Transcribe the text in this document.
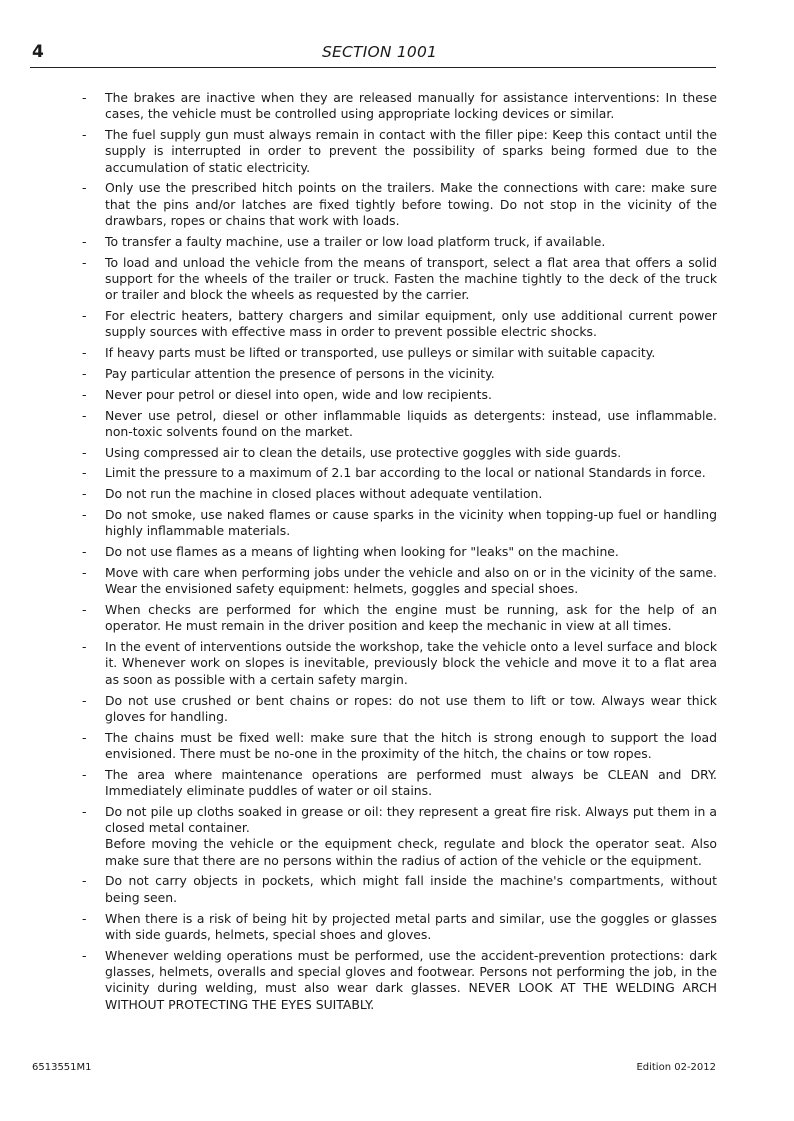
4	SECTION 1001
- The brakes are inactive when they are released manually for assistance interventions: In these cases, the vehicle must be controlled using appropriate locking devices or similar.
- The fuel supply gun must always remain in contact with the filler pipe: Keep this contact until the supply is interrupted in order to prevent the possibility of sparks being formed due to the accumulation of static electricity.
- Only use the prescribed hitch points on the trailers. Make the connections with care: make sure that the pins and/or latches are fixed tightly before towing. Do not stop in the vicinity of the drawbars, ropes or chains that work with loads.
- To transfer a faulty machine, use a trailer or low load platform truck, if available.
- To load and unload the vehicle from the means of transport, select a flat area that offers a solid support for the wheels of the trailer or truck. Fasten the machine tightly to the deck of the truck or trailer and block the wheels as requested by the carrier.
- For electric heaters, battery chargers and similar equipment, only use additional current power supply sources with effective mass in order to prevent possible electric shocks.
- If heavy parts must be lifted or transported, use pulleys or similar with suitable capacity.
- Pay particular attention the presence of persons in the vicinity.
- Never pour petrol or diesel into open, wide and low recipients.
- Never use petrol, diesel or other inflammable liquids as detergents: instead, use inflammable. non-toxic solvents found on the market.
- Using compressed air to clean the details, use protective goggles with side guards.
- Limit the pressure to a maximum of 2.1 bar according to the local or national Standards in force.
- Do not run the machine in closed places without adequate ventilation.
- Do not smoke, use naked flames or cause sparks in the vicinity when topping-up fuel or handling highly inflammable materials.
- Do not use flames as a means of lighting when looking for "leaks" on the machine.
- Move with care when performing jobs under the vehicle and also on or in the vicinity of the same. Wear the envisioned safety equipment: helmets, goggles and special shoes.
- When checks are performed for which the engine must be running, ask for the help of an operator. He must remain in the driver position and keep the mechanic in view at all times.
- In the event of interventions outside the workshop, take the vehicle onto a level surface and block it. Whenever work on slopes is inevitable, previously block the vehicle and move it to a flat area as soon as possible with a certain safety margin.
- Do not use crushed or bent chains or ropes: do not use them to lift or tow. Always wear thick gloves for handling.
- The chains must be fixed well: make sure that the hitch is strong enough to support the load envisioned. There must be no-one in the proximity of the hitch, the chains or tow ropes.
- The area where maintenance operations are performed must always be CLEAN and DRY. Immediately eliminate puddles of water or oil stains.
- Do not pile up cloths soaked in grease or oil: they represent a great fire risk. Always put them in a closed metal container.
Before moving the vehicle or the equipment check, regulate and block the operator seat. Also make sure that there are no persons within the radius of action of the vehicle or the equipment.
- Do not carry objects in pockets, which might fall inside the machine's compartments, without being seen.
- When there is a risk of being hit by projected metal parts and similar, use the goggles or glasses with side guards, helmets, special shoes and gloves.
- Whenever welding operations must be performed, use the accident-prevention protections: dark glasses, helmets, overalls and special gloves and footwear. Persons not performing the job, in the vicinity during welding, must also wear dark glasses. NEVER LOOK AT THE WELDING ARCH WITHOUT PROTECTING THE EYES SUITABLY.
6513551M1	Edition 02-2012
